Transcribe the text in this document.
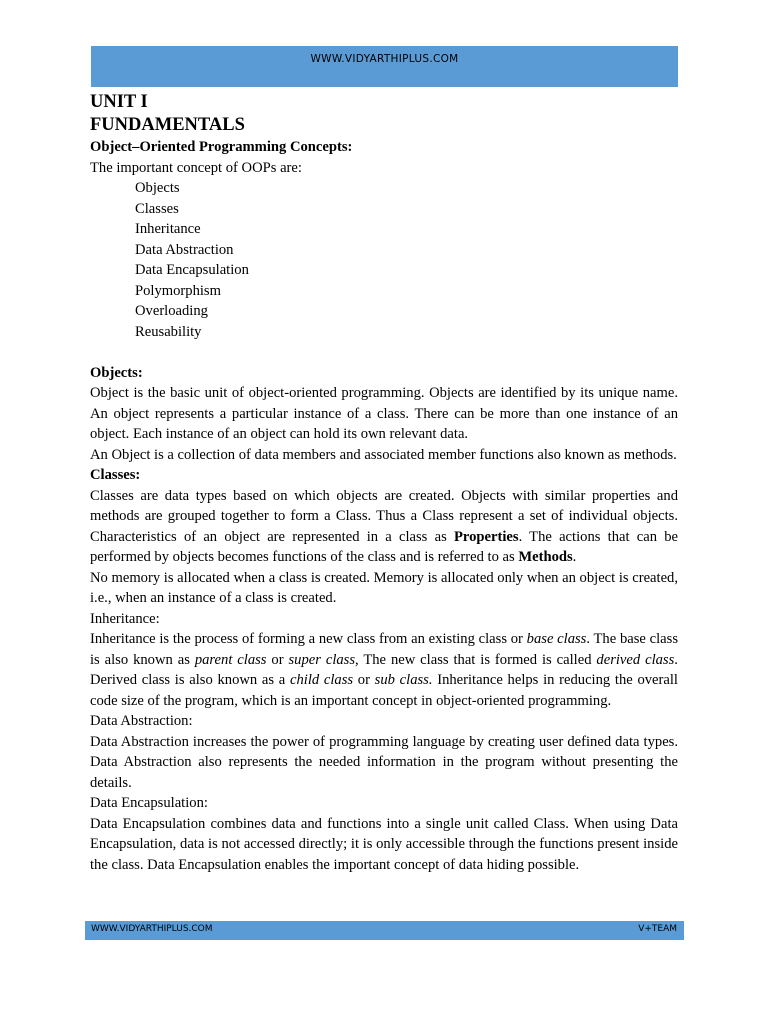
WWW.VIDYARTHIPLUS.COM
UNIT I
FUNDAMENTALS
Object–Oriented Programming Concepts:
The important concept of OOPs are:
Objects
Classes
Inheritance
Data Abstraction
Data Encapsulation
Polymorphism
Overloading
Reusability
Objects:

Object is the basic unit of object-oriented programming. Objects are identified by its unique name. An object represents a particular instance of a class. There can be more than one instance of an object. Each instance of an object can hold its own relevant data.

An Object is a collection of data members and associated member functions also known as methods.

Classes:

Classes are data types based on which objects are created. Objects with similar properties and methods are grouped together to form a Class. Thus a Class represent a set of individual objects. Characteristics of an object are represented in a class as Properties. The actions that can be performed by objects becomes functions of the class and is referred to as Methods.

No memory is allocated when a class is created. Memory is allocated only when an object is created, i.e., when an instance of a class is created.

Inheritance:

Inheritance is the process of forming a new class from an existing class or base class. The base class is also known as parent class or super class, The new class that is formed is called derived class. Derived class is also known as a child class or sub class. Inheritance helps in reducing the overall code size of the program, which is an important concept in object-oriented programming.

Data Abstraction:

Data Abstraction increases the power of programming language by creating user defined data types. Data Abstraction also represents the needed information in the program without presenting the details.

Data Encapsulation:

Data Encapsulation combines data and functions into a single unit called Class. When using Data Encapsulation, data is not accessed directly; it is only accessible through the functions present inside the class. Data Encapsulation enables the important concept of data hiding possible.

WWW.VIDYARTHIPLUS.COM	V+TEAM
